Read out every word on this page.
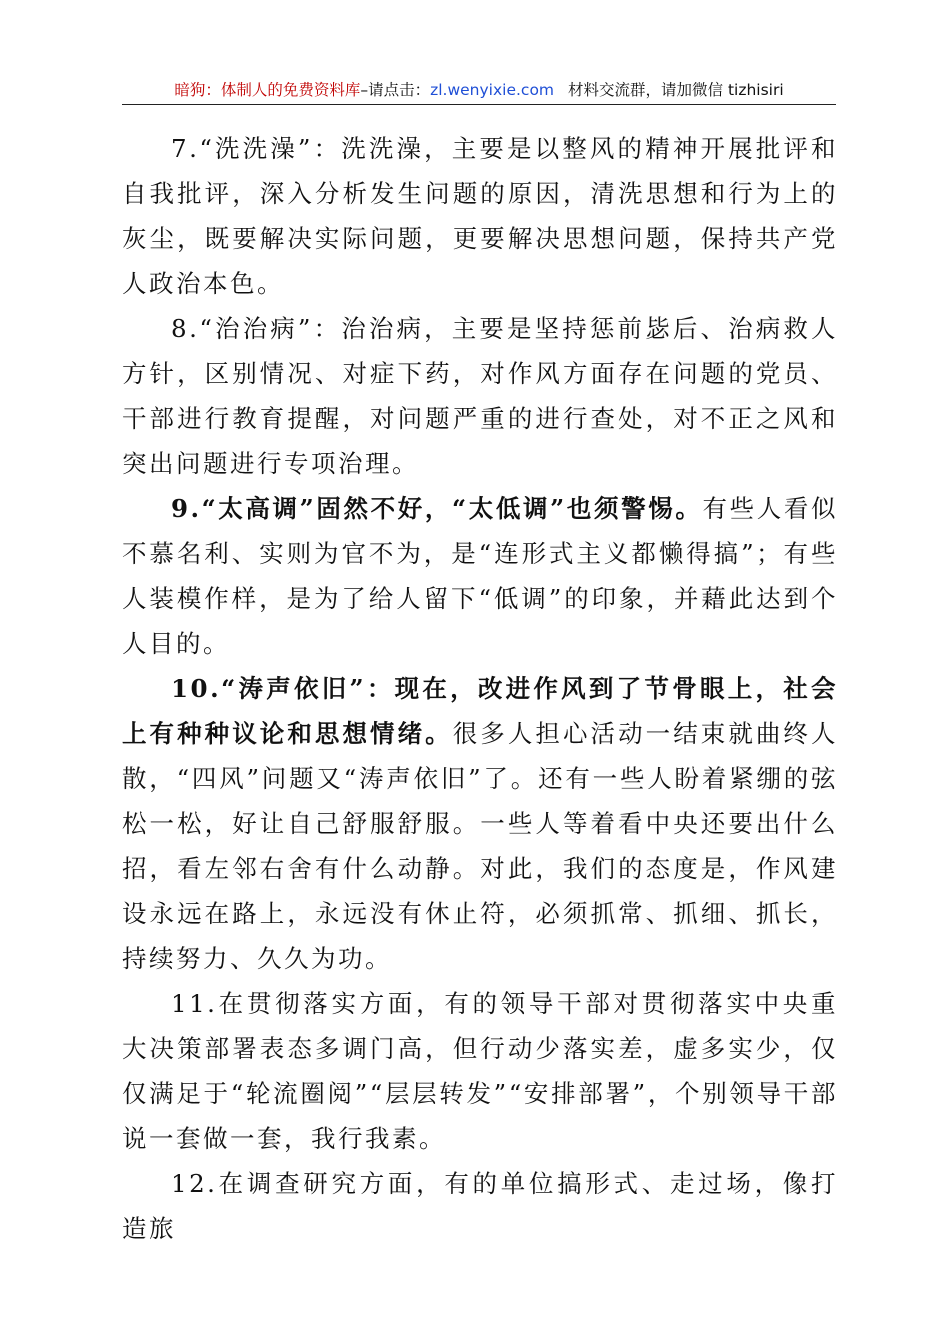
暗狗：体制人的免费资料库–请点击：zl.wenyixie.com 材料交流群，请加微信 tizhisiri

7.“洗洗澡”：洗洗澡，主要是以整风的精神开展批评和自我批评，深入分析发生问题的原因，清洗思想和行为上的灰尘，既要解决实际问题，更要解决思想问题，保持共产党人政治本色。

8.“治治病”：治治病，主要是坚持惩前毖后、治病救人方针，区别情况、对症下药，对作风方面存在问题的党员、干部进行教育提醒，对问题严重的进行查处，对不正之风和突出问题进行专项治理。

9.“太高调”固然不好，“太低调”也须警惕。有些人看似不慕名利、实则为官不为，是“连形式主义都懒得搞”；有些人装模作样，是为了给人留下“低调”的印象，并藉此达到个人目的。

10.“涛声依旧”：现在，改进作风到了节骨眼上，社会上有种种议论和思想情绪。很多人担心活动一结束就曲终人散，“四风”问题又“涛声依旧”了。还有一些人盼着紧绷的弦松一松，好让自己舒服舒服。一些人等着看中央还要出什么招，看左邻右舍有什么动静。对此，我们的态度是，作风建设永远在路上，永远没有休止符，必须抓常、抓细、抓长，持续努力、久久为功。

11.在贯彻落实方面，有的领导干部对贯彻落实中央重大决策部署表态多调门高，但行动少落实差，虚多实少，仅仅满足于“轮流圈阅”“层层转发”“安排部署”，个别领导干部说一套做一套，我行我素。

12.在调查研究方面，有的单位搞形式、走过场，像打造旅
